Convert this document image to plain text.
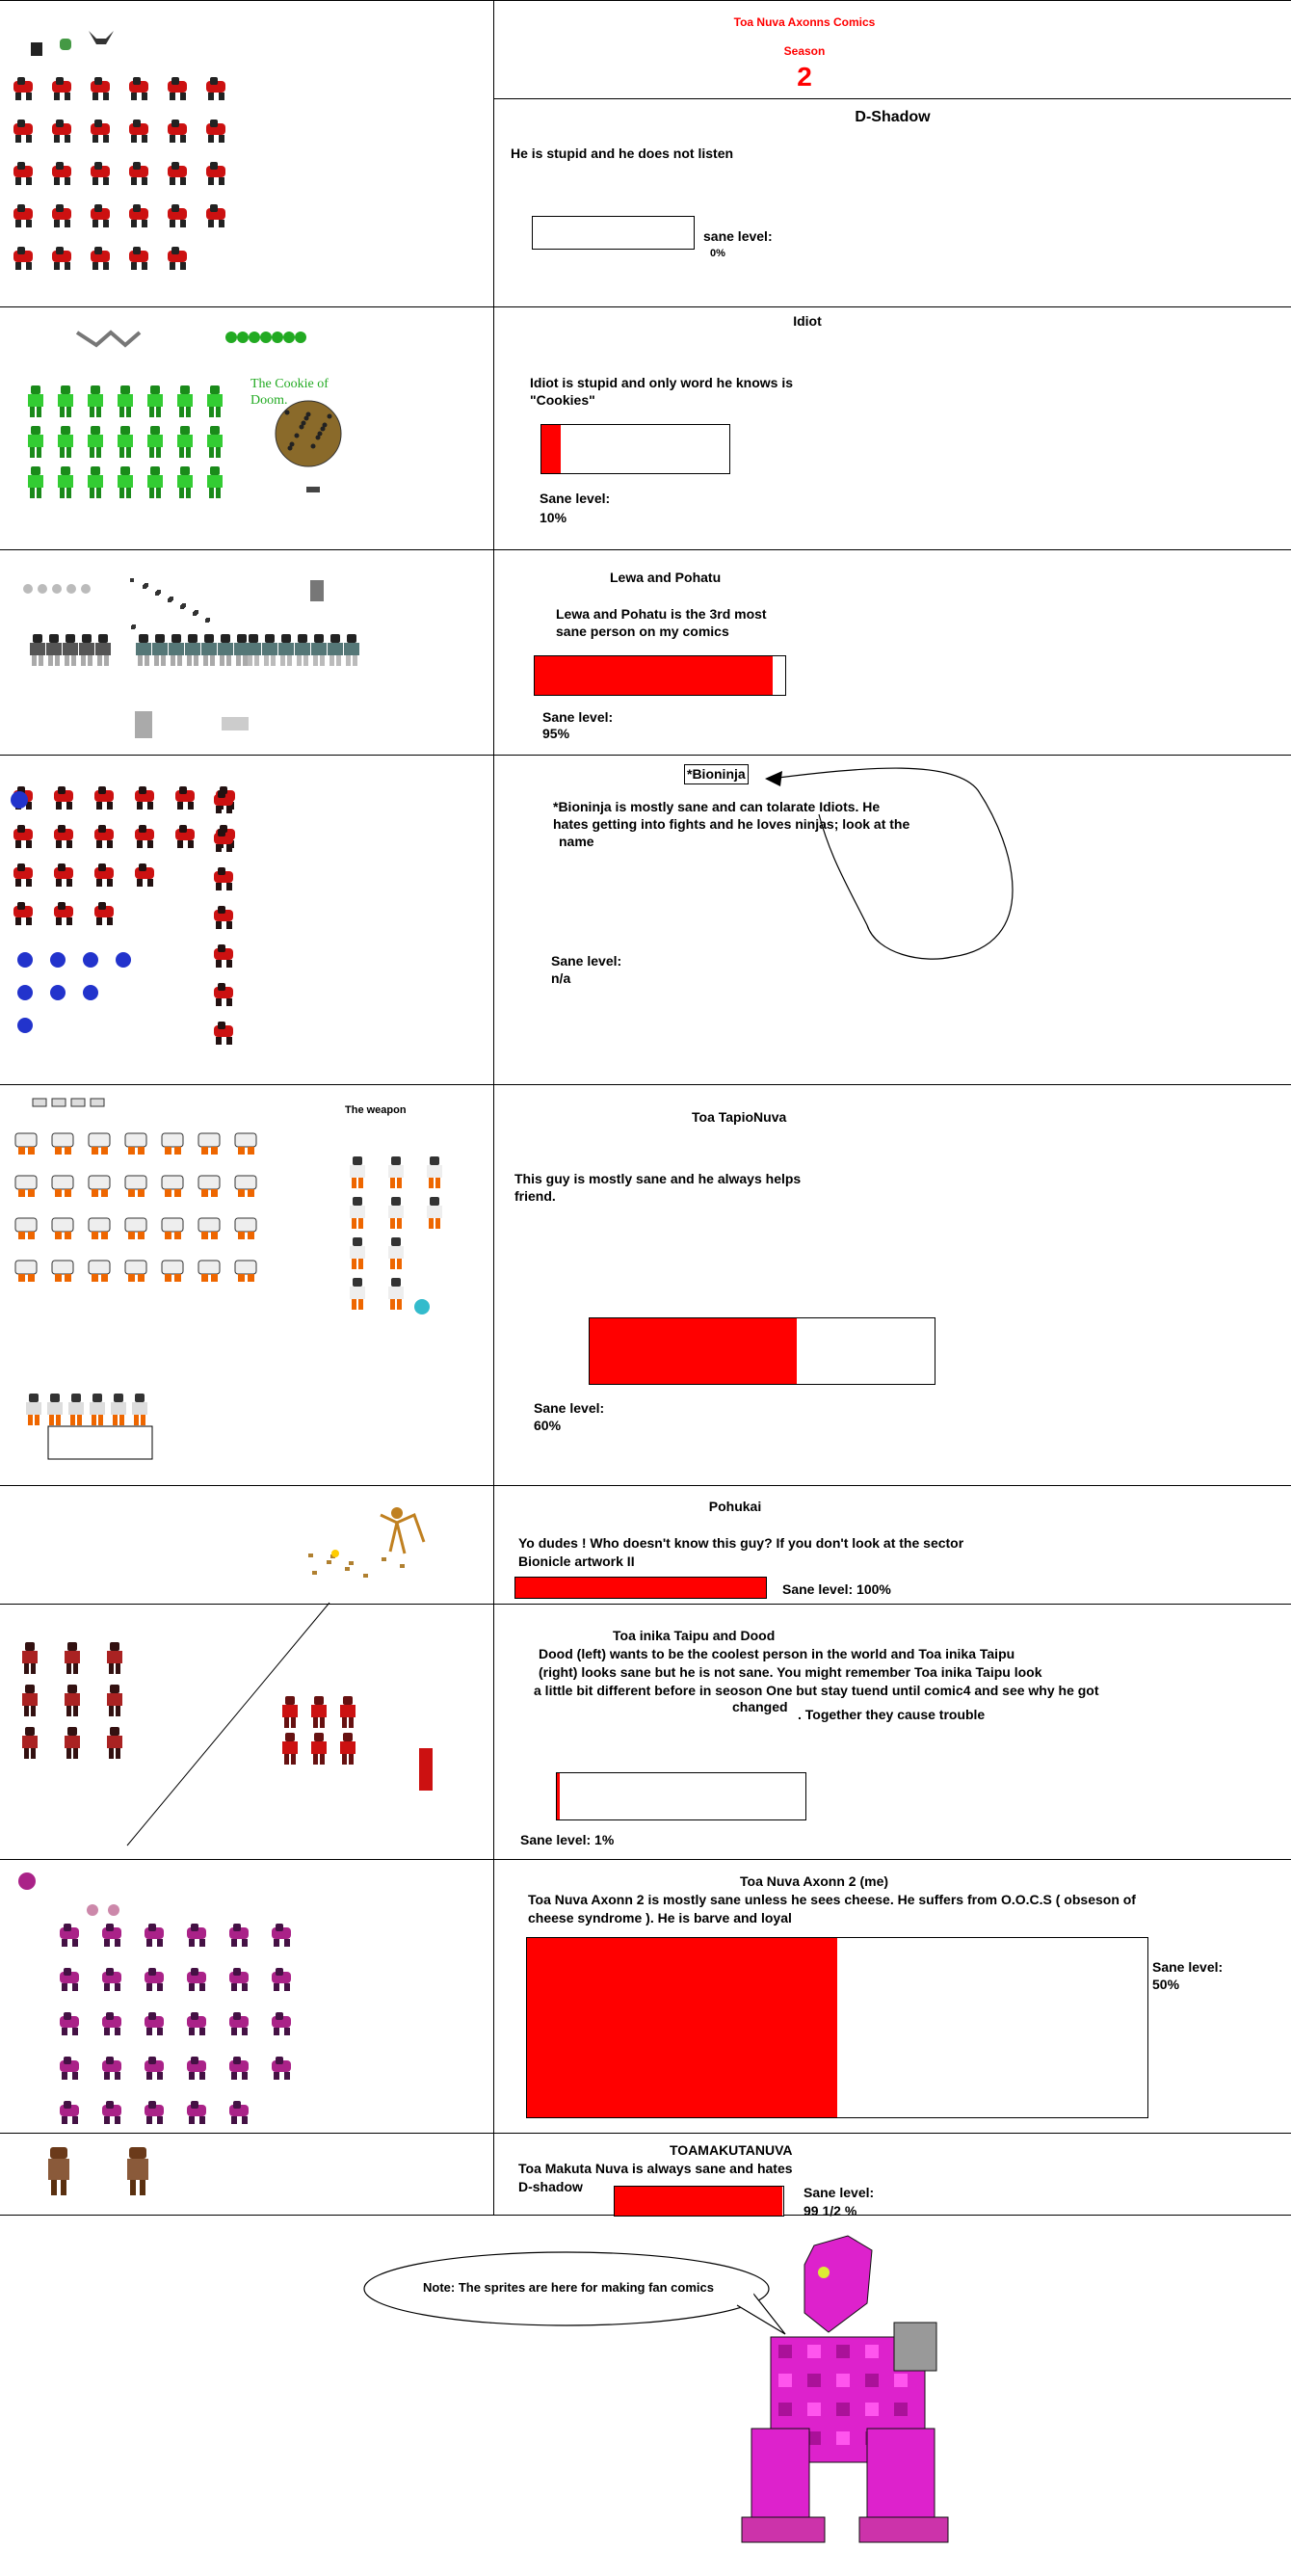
Toa Nuva Axonns Comics
Season
2
D-Shadow
He is stupid and he does not listen
sane level:
0%
Idiot
Idiot is stupid and only word he knows is
"Cookies"
Sane level:
10%
The Cookie of
Doom.
Lewa and Pohatu
Lewa and Pohatu is the 3rd most
sane person on my comics
Sane level:
95%
*Bioninja
*Bioninja is mostly sane and can tolarate Idiots. He
hates getting into fights and he loves ninjas; look at the
name
Sane level:
n/a
Toa TapioNuva
This guy is mostly sane and he always helps
friend.
Sane level:
60%
The weapon
Pohukai
Yo dudes ! Who doesn't know this guy? If you don't look at the sector
Bionicle artwork II
Sane level: 100%
Toa inika Taipu and Dood
Dood (left) wants to be the coolest person in the world and Toa inika Taipu
(right) looks sane but he is not sane. You might remember Toa inika Taipu look
a little bit different before in seoson One but stay tuend until comic4 and see why he got
changed . Together they cause trouble
Sane level: 1%
Toa Nuva Axonn 2 (me)
Toa Nuva Axonn 2 is mostly sane unless he sees cheese. He suffers from O.O.C.S ( obseson of
cheese syndrome ). He is barve and loyal
Sane level:
50%
TOAMAKUTANUVA
Toa Makuta Nuva is always sane and hates
D-shadow	Sane level:
99 1/2 %
Note: The sprites are here for making fan comics
